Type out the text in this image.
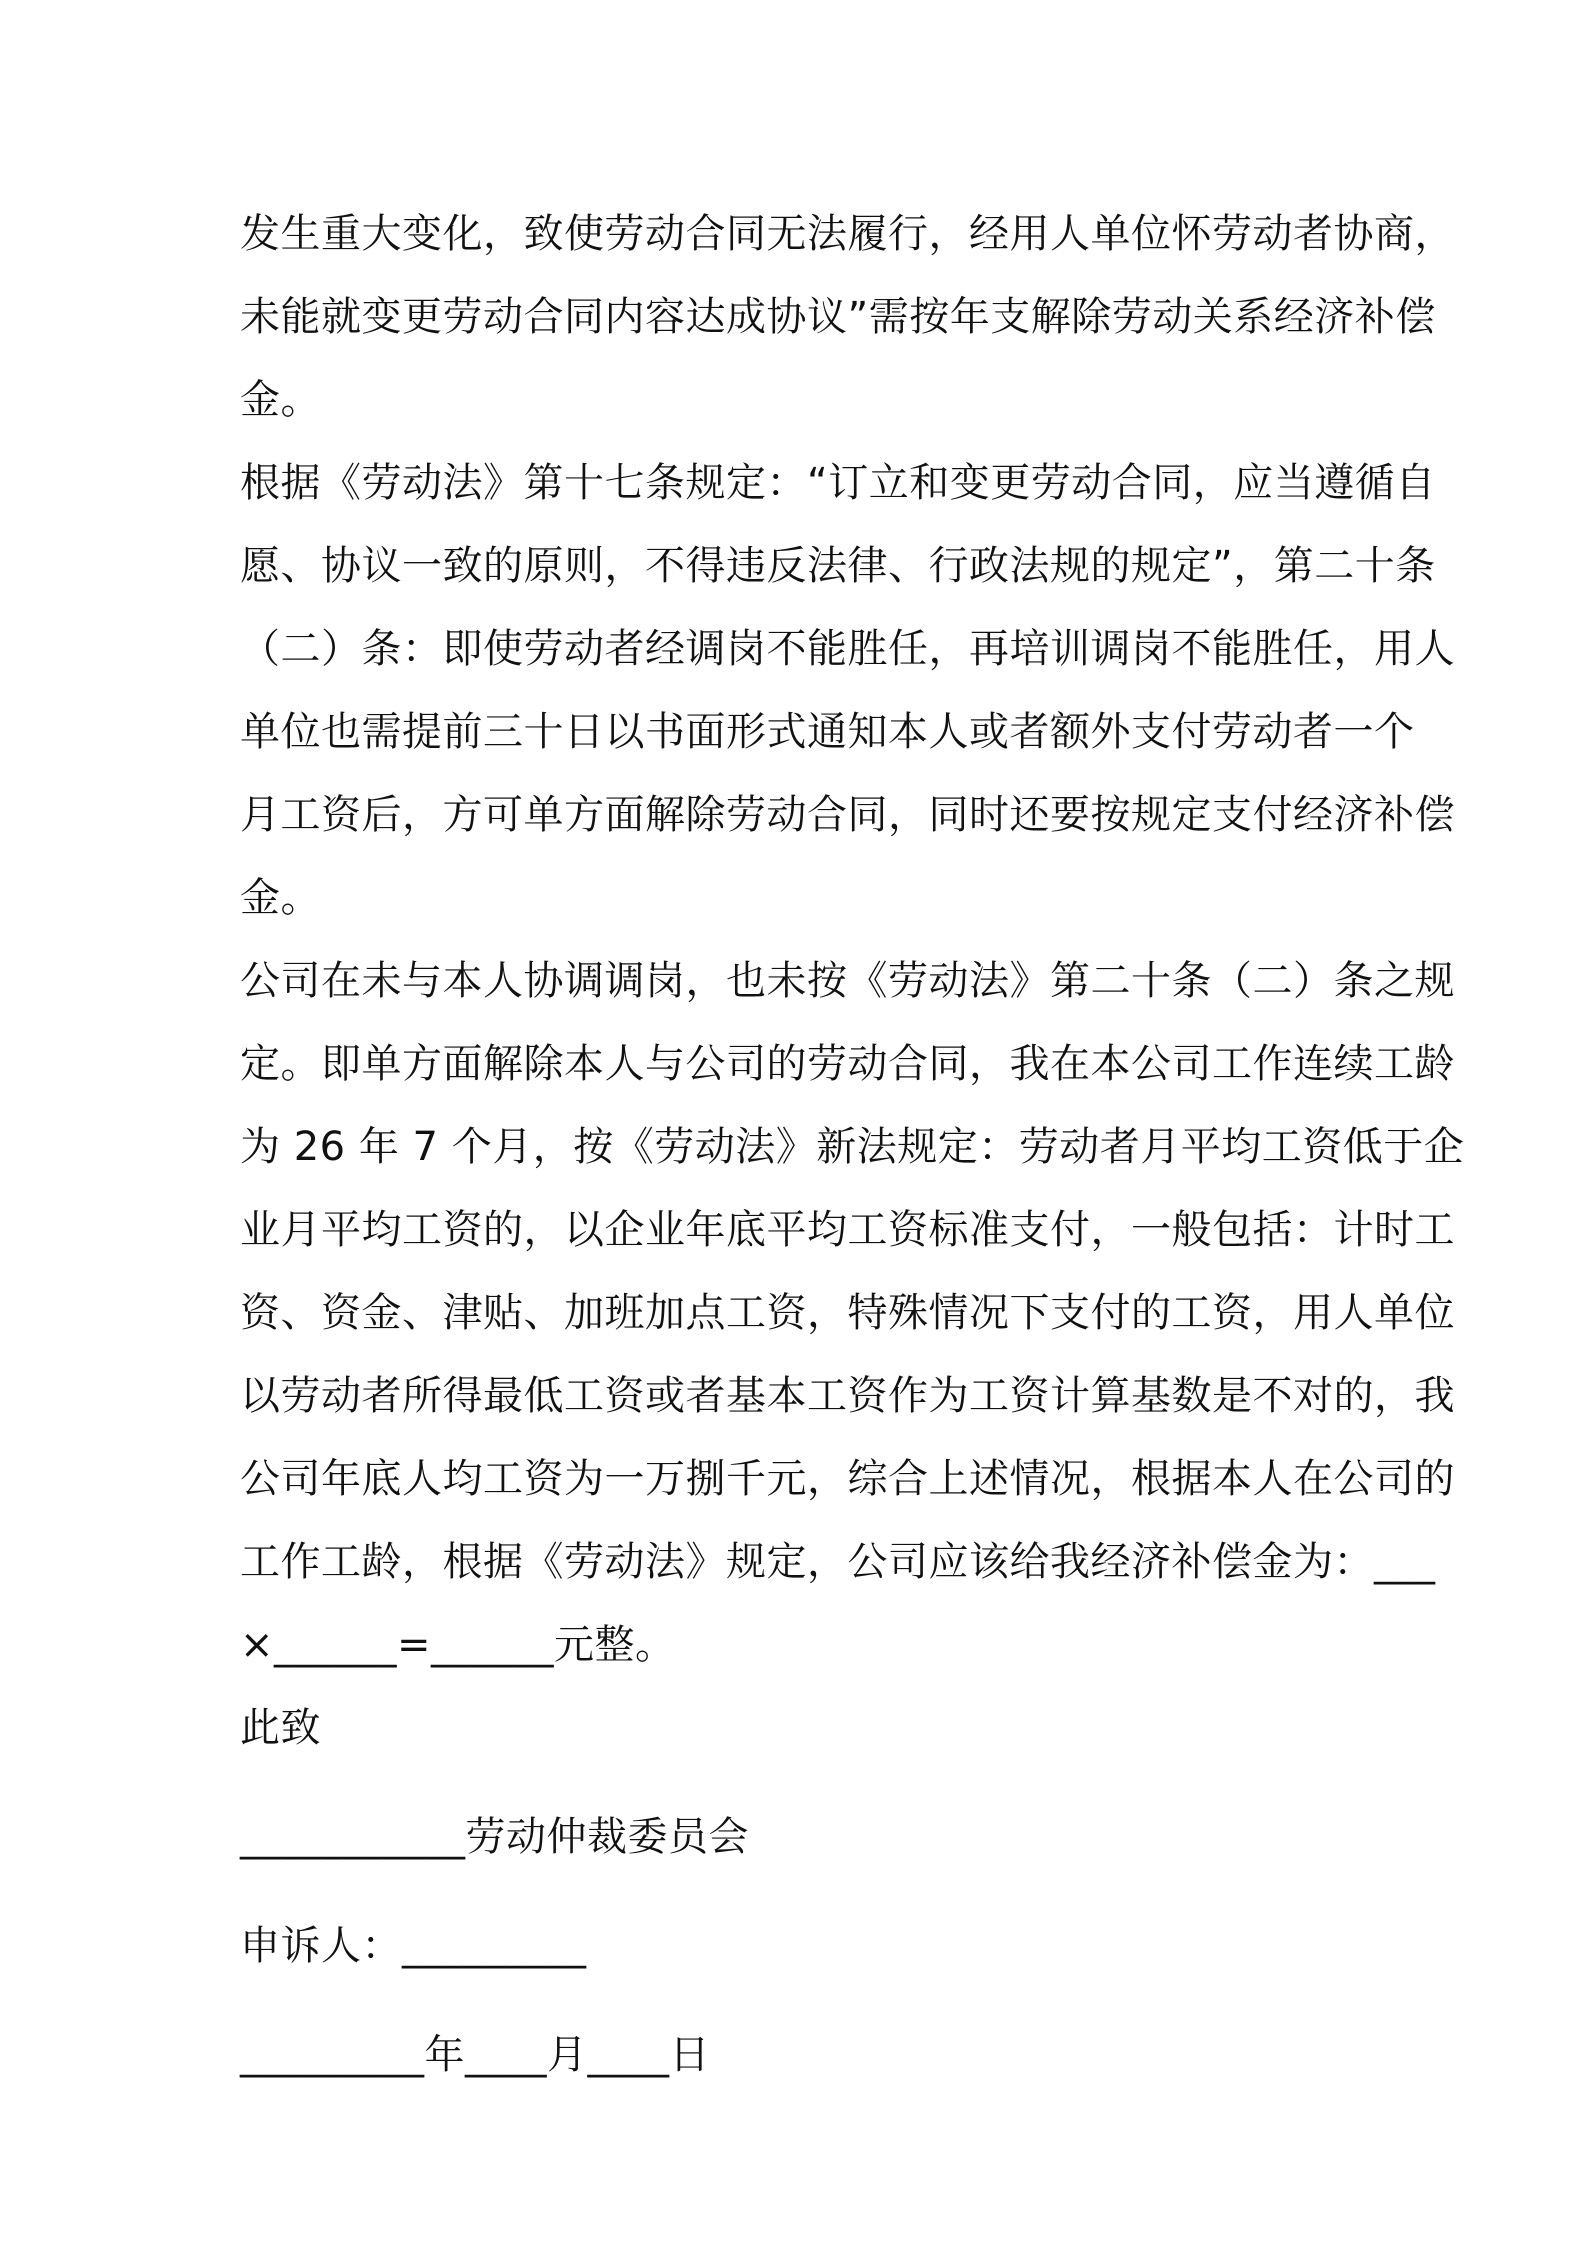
发生重大变化，致使劳动合同无法履行，经用人单位怀劳动者协商，
未能就变更劳动合同内容达成协议”需按年支解除劳动关系经济补偿
金。
根据《劳动法》第十七条规定：“订立和变更劳动合同，应当遵循自
愿、协议一致的原则，不得违反法律、行政法规的规定”，第二十条
（二）条：即使劳动者经调岗不能胜任，再培训调岗不能胜任，用人
单位也需提前三十日以书面形式通知本人或者额外支付劳动者一个
月工资后，方可单方面解除劳动合同，同时还要按规定支付经济补偿
金。
公司在未与本人协调调岗，也未按《劳动法》第二十条（二）条之规
定。即单方面解除本人与公司的劳动合同，我在本公司工作连续工龄
为 26 年 7 个月，按《劳动法》新法规定：劳动者月平均工资低于企
业月平均工资的，以企业年底平均工资标准支付，一般包括：计时工
资、资金、津贴、加班加点工资，特殊情况下支付的工资，用人单位
以劳动者所得最低工资或者基本工资作为工资计算基数是不对的，我
公司年底人均工资为一万捌千元，综合上述情况，根据本人在公司的
工作工龄，根据《劳动法》规定，公司应该给我经济补偿金为：___
×______=______元整。
此致
___________劳动仲裁委员会
申诉人：_________
_________年____月____日
